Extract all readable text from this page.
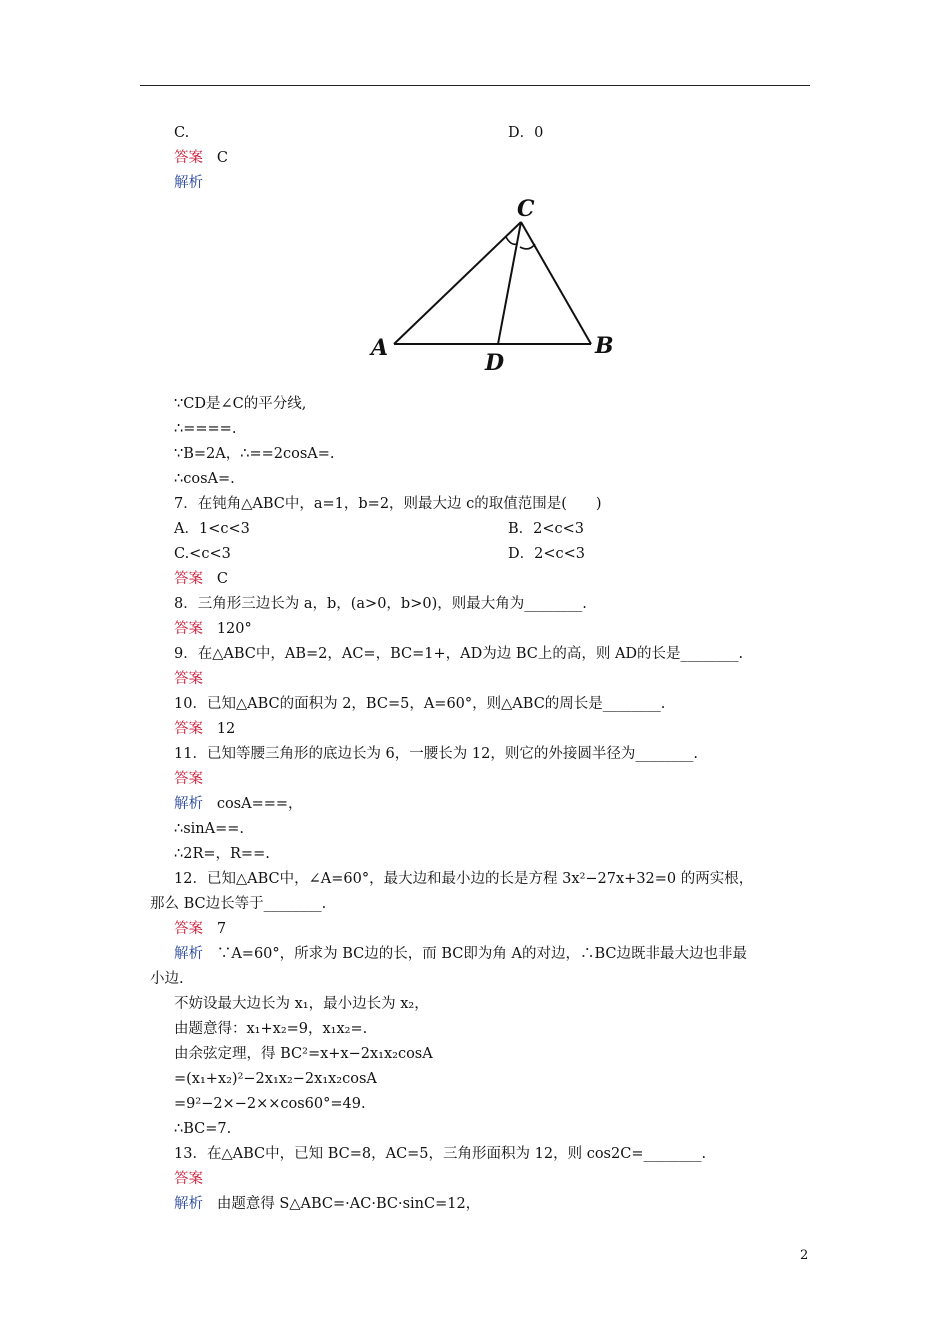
C.	D．0
答案 C
解析
C
A	B
D
∵CD是∠C的平分线,
∴====.
∵B=2A，∴==2cosA=.
∴cosA=.
7．在钝角△ABC中，a=1，b=2，则最大边 c的取值范围是(　　)
A．1<c<3	B．2<c<3
C.<c<3	D．2<c<3
答案 C
8．三角形三边长为 a，b，(a>0，b>0)，则最大角为________.
答案 120°
9．在△ABC中，AB=2，AC=，BC=1+，AD为边 BC上的高，则 AD的长是________.
答案
10．已知△ABC的面积为 2，BC=5，A=60°，则△ABC的周长是________.
答案 12
11．已知等腰三角形的底边长为 6，一腰长为 12，则它的外接圆半径为________.
答案
解析 cosA===，
∴sinA==.
∴2R=，R==.
12．已知△ABC中，∠A=60°，最大边和最小边的长是方程 3x²−27x+32=0 的两实根，
那么 BC边长等于________.
答案 7
解析 ∵A=60°，所求为 BC边的长，而 BC即为角 A的对边，∴BC边既非最大边也非最
小边.
不妨设最大边长为 x₁，最小边长为 x₂，
由题意得：x₁+x₂=9，x₁x₂=.
由余弦定理，得 BC²=x+x−2x₁x₂cosA
=(x₁+x₂)²−2x₁x₂−2x₁x₂cosA
=9²−2×−2××cos60°=49.
∴BC=7.
13．在△ABC中，已知 BC=8，AC=5，三角形面积为 12，则 cos2C=________.
答案
解析 由题意得 S△ABC=·AC·BC·sinC=12，
2
